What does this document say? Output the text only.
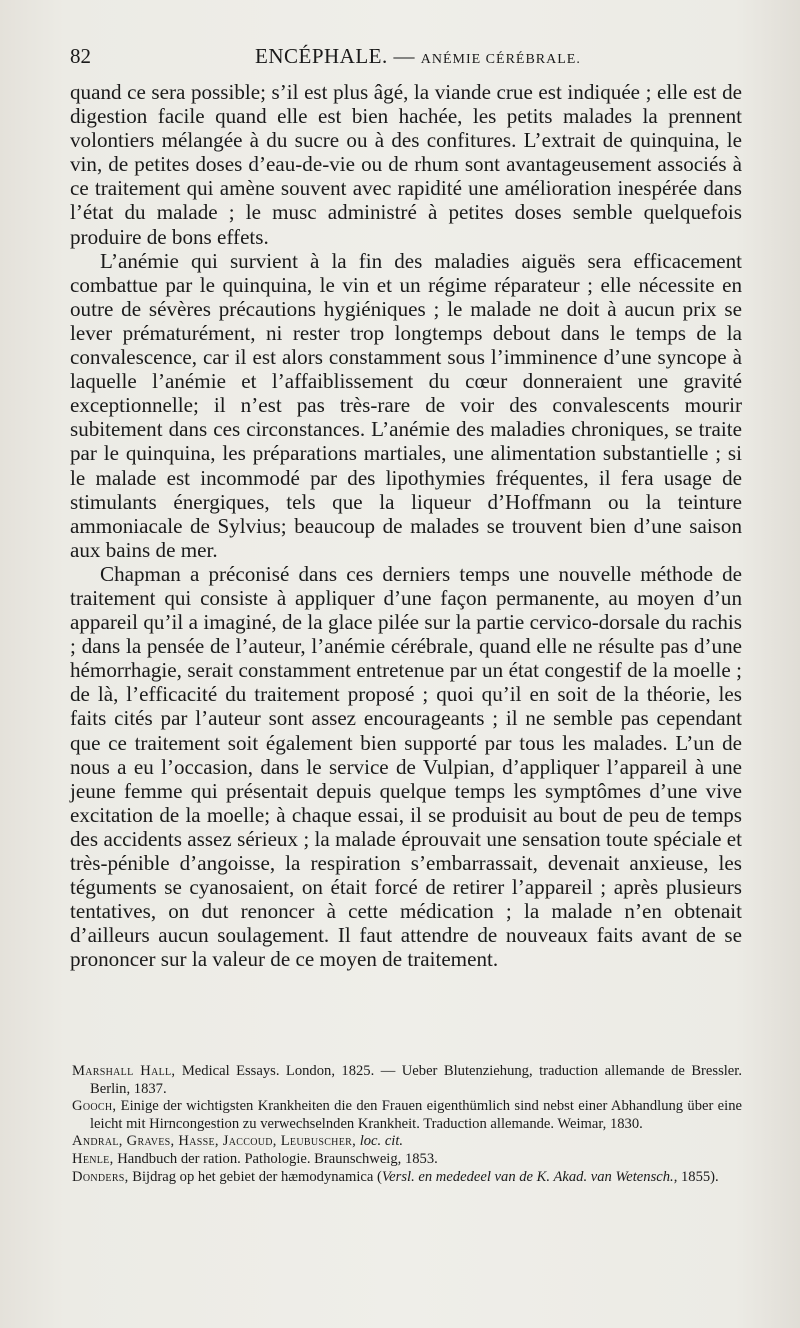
82	ENCÉPHALE. — ANÉMIE CÉRÉBRALE.

quand ce sera possible; s’il est plus âgé, la viande crue est indiquée ; elle est de digestion facile quand elle est bien hachée, les petits malades la prennent volontiers mélangée à du sucre ou à des confitures. L’extrait de quinquina, le vin, de petites doses d’eau-de-vie ou de rhum sont avantageusement associés à ce traitement qui amène souvent avec rapidité une amélioration inespérée dans l’état du malade ; le musc administré à petites doses semble quelquefois produire de bons effets.

L’anémie qui survient à la fin des maladies aiguës sera efficacement combattue par le quinquina, le vin et un régime réparateur ; elle nécessite en outre de sévères précautions hygiéniques ; le malade ne doit à aucun prix se lever prématurément, ni rester trop longtemps debout dans le temps de la convalescence, car il est alors constamment sous l’imminence d’une syncope à laquelle l’anémie et l’affaiblissement du cœur donneraient une gravité exceptionnelle; il n’est pas très-rare de voir des convalescents mourir subitement dans ces circonstances. L’anémie des maladies chroniques, se traite par le quinquina, les préparations martiales, une alimentation substantielle ; si le malade est incommodé par des lipothymies fréquentes, il fera usage de stimulants énergiques, tels que la liqueur d’Hoffmann ou la teinture ammoniacale de Sylvius; beaucoup de malades se trouvent bien d’une saison aux bains de mer.

Chapman a préconisé dans ces derniers temps une nouvelle méthode de traitement qui consiste à appliquer d’une façon permanente, au moyen d’un appareil qu’il a imaginé, de la glace pilée sur la partie cervico-dorsale du rachis ; dans la pensée de l’auteur, l’anémie cérébrale, quand elle ne résulte pas d’une hémorrhagie, serait constamment entretenue par un état congestif de la moelle ; de là, l’efficacité du traitement proposé ; quoi qu’il en soit de la théorie, les faits cités par l’auteur sont assez encourageants ; il ne semble pas cependant que ce traitement soit également bien supporté par tous les malades. L’un de nous a eu l’occasion, dans le service de Vulpian, d’appliquer l’appareil à une jeune femme qui présentait depuis quelque temps les symptômes d’une vive excitation de la moelle; à chaque essai, il se produisit au bout de peu de temps des accidents assez sérieux ; la malade éprouvait une sensation toute spéciale et très-pénible d’angoisse, la respiration s’embarrassait, devenait anxieuse, les téguments se cyanosaient, on était forcé de retirer l’appareil ; après plusieurs tentatives, on dut renoncer à cette médication ; la malade n’en obtenait d’ailleurs aucun soulagement. Il faut attendre de nouveaux faits avant de se prononcer sur la valeur de ce moyen de traitement.

Marshall Hall, Medical Essays. London, 1825. — Ueber Blutenziehung, traduction allemande de Bressler. Berlin, 1837.

Gooch, Einige der wichtigsten Krankheiten die den Frauen eigenthümlich sind nebst einer Abhandlung über eine leicht mit Hirncongestion zu verwechselnden Krankheit. Traduction allemande. Weimar, 1830.

Andral, Graves, Hasse, Jaccoud, Leubuscher, loc. cit.

Henle, Handbuch der ration. Pathologie. Braunschweig, 1853.

Donders, Bijdrag op het gebiet der hæmodynamica (Versl. en mededeel van de K. Akad. van Wetensch., 1855).
